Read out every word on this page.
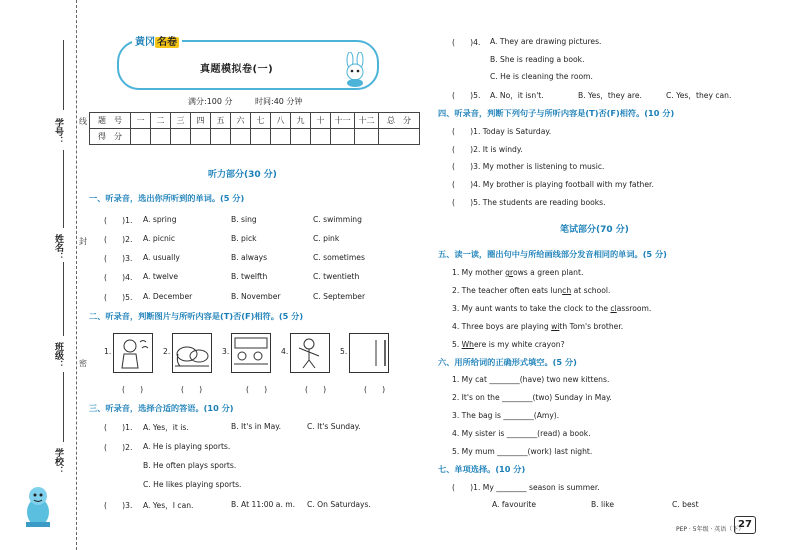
学号： 线
姓名： 封
班级： 密
学校：
黄冈 名卷
真题模拟卷(一)
满分:100 分	时间:40 分钟
题　号	一	二	三	四	五	六	七	八	九	十	十一	十二	总　分
得　分													
听力部分(30 分)
一、听录音，选出你所听到的单词。(5 分)
(　　)1. A. spring	B. sing	C. swimming
(　　)2. A. picnic	B. pick	C. pink
(　　)3. A. usually	B. always	C. sometimes
(　　)4. A. twelve	B. twelfth	C. twentieth
(　　)5. A. December	B. November	C. September
二、听录音，判断图片与所听内容是(T)否(F)相符。(5 分)
1.	2.	3.	4.	5.
(　　)	(　　)	(　　)	(　　)	(　　)
三、听录音，选择合适的答语。(10 分)
(　　)1. A. Yes，it is.	B. It's in May.	C. It's Sunday.
(　　)2. A. He is playing sports.
B. He often plays sports.
C. He likes playing sports.
(　　)3. A. Yes，I can.	B. At 11:00 a. m. C. On Saturdays.
(　　)4. A. They are drawing pictures.
B. She is reading a book.
C. He is cleaning the room.
(　　)5. A. No，it isn't.	B. Yes，they are.	C. Yes，they can.
四、听录音，判断下列句子与所听内容是(T)否(F)相符。(10 分)
(　　)1. Today is Saturday.
(　　)2. It is windy.
(　　)3. My mother is listening to music.
(　　)4. My brother is playing football with my father.
(　　)5. The students are reading books.
笔试部分(70 分)
五、读一读，圈出句中与所给画线部分发音相同的单词。(5 分)
1. My mother grows a green plant.
2. The teacher often eats lunch at school.
3. My aunt wants to take the clock to the classroom.
4. Three boys are playing with Tom's brother.
5. Where is my white crayon?
六、用所给词的正确形式填空。(5 分)
1. My cat ________(have) two new kittens.
2. It's on the ________(two) Sunday in May.
3. The bag is ________(Amy).
4. My sister is ________(read) a book.
5. My mum ________(work) last night.
七、单项选择。(10 分)
(　　)1. My ________ season is summer.
A. favourite	B. like	C. best
PEP · 5年级 · 英语（下）
27
